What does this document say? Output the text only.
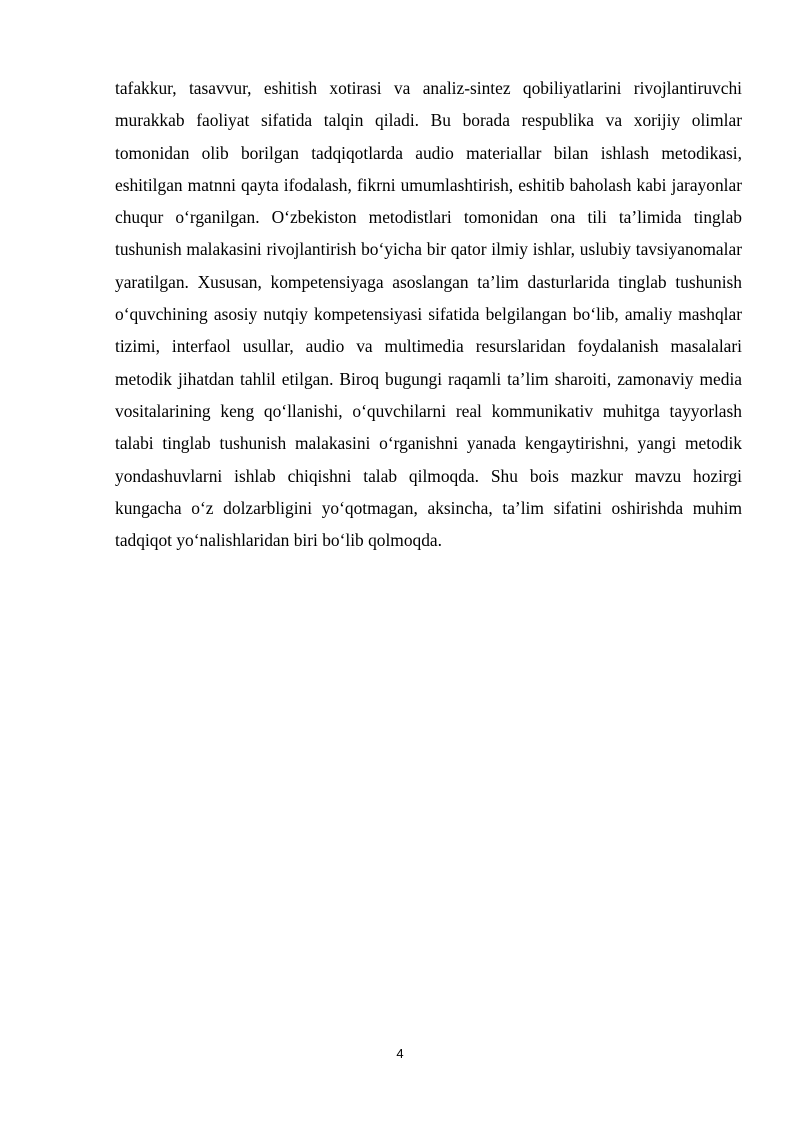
tafakkur, tasavvur, eshitish xotirasi va analiz-sintez qobiliyatlarini rivojlantiruvchi murakkab faoliyat sifatida talqin qiladi. Bu borada respublika va xorijiy olimlar tomonidan olib borilgan tadqiqotlarda audio materiallar bilan ishlash metodikasi, eshitilgan matnni qayta ifodalash, fikrni umumlashtirish, eshitib baholash kabi jarayonlar chuqur o‘rganilgan. O‘zbekiston metodistlari tomonidan ona tili ta’limida tinglab tushunish malakasini rivojlantirish bo‘yicha bir qator ilmiy ishlar, uslubiy tavsiyanomalar yaratilgan. Xususan, kompetensiyaga asoslangan ta’lim dasturlarida tinglab tushunish o‘quvchining asosiy nutqiy kompetensiyasi sifatida belgilangan bo‘lib, amaliy mashqlar tizimi, interfaol usullar, audio va multimedia resurslaridan foydalanish masalalari metodik jihatdan tahlil etilgan. Biroq bugungi raqamli ta’lim sharoiti, zamonaviy media vositalarining keng qo‘llanishi, o‘quvchilarni real kommunikativ muhitga tayyorlash talabi tinglab tushunish malakasini o‘rganishni yanada kengaytirishni, yangi metodik yondashuvlarni ishlab chiqishni talab qilmoqda. Shu bois mazkur mavzu hozirgi kungacha o‘z dolzarbligini yo‘qotmagan, aksincha, ta’lim sifatini oshirishda muhim tadqiqot yo‘nalishlaridan biri bo‘lib qolmoqda.

4
